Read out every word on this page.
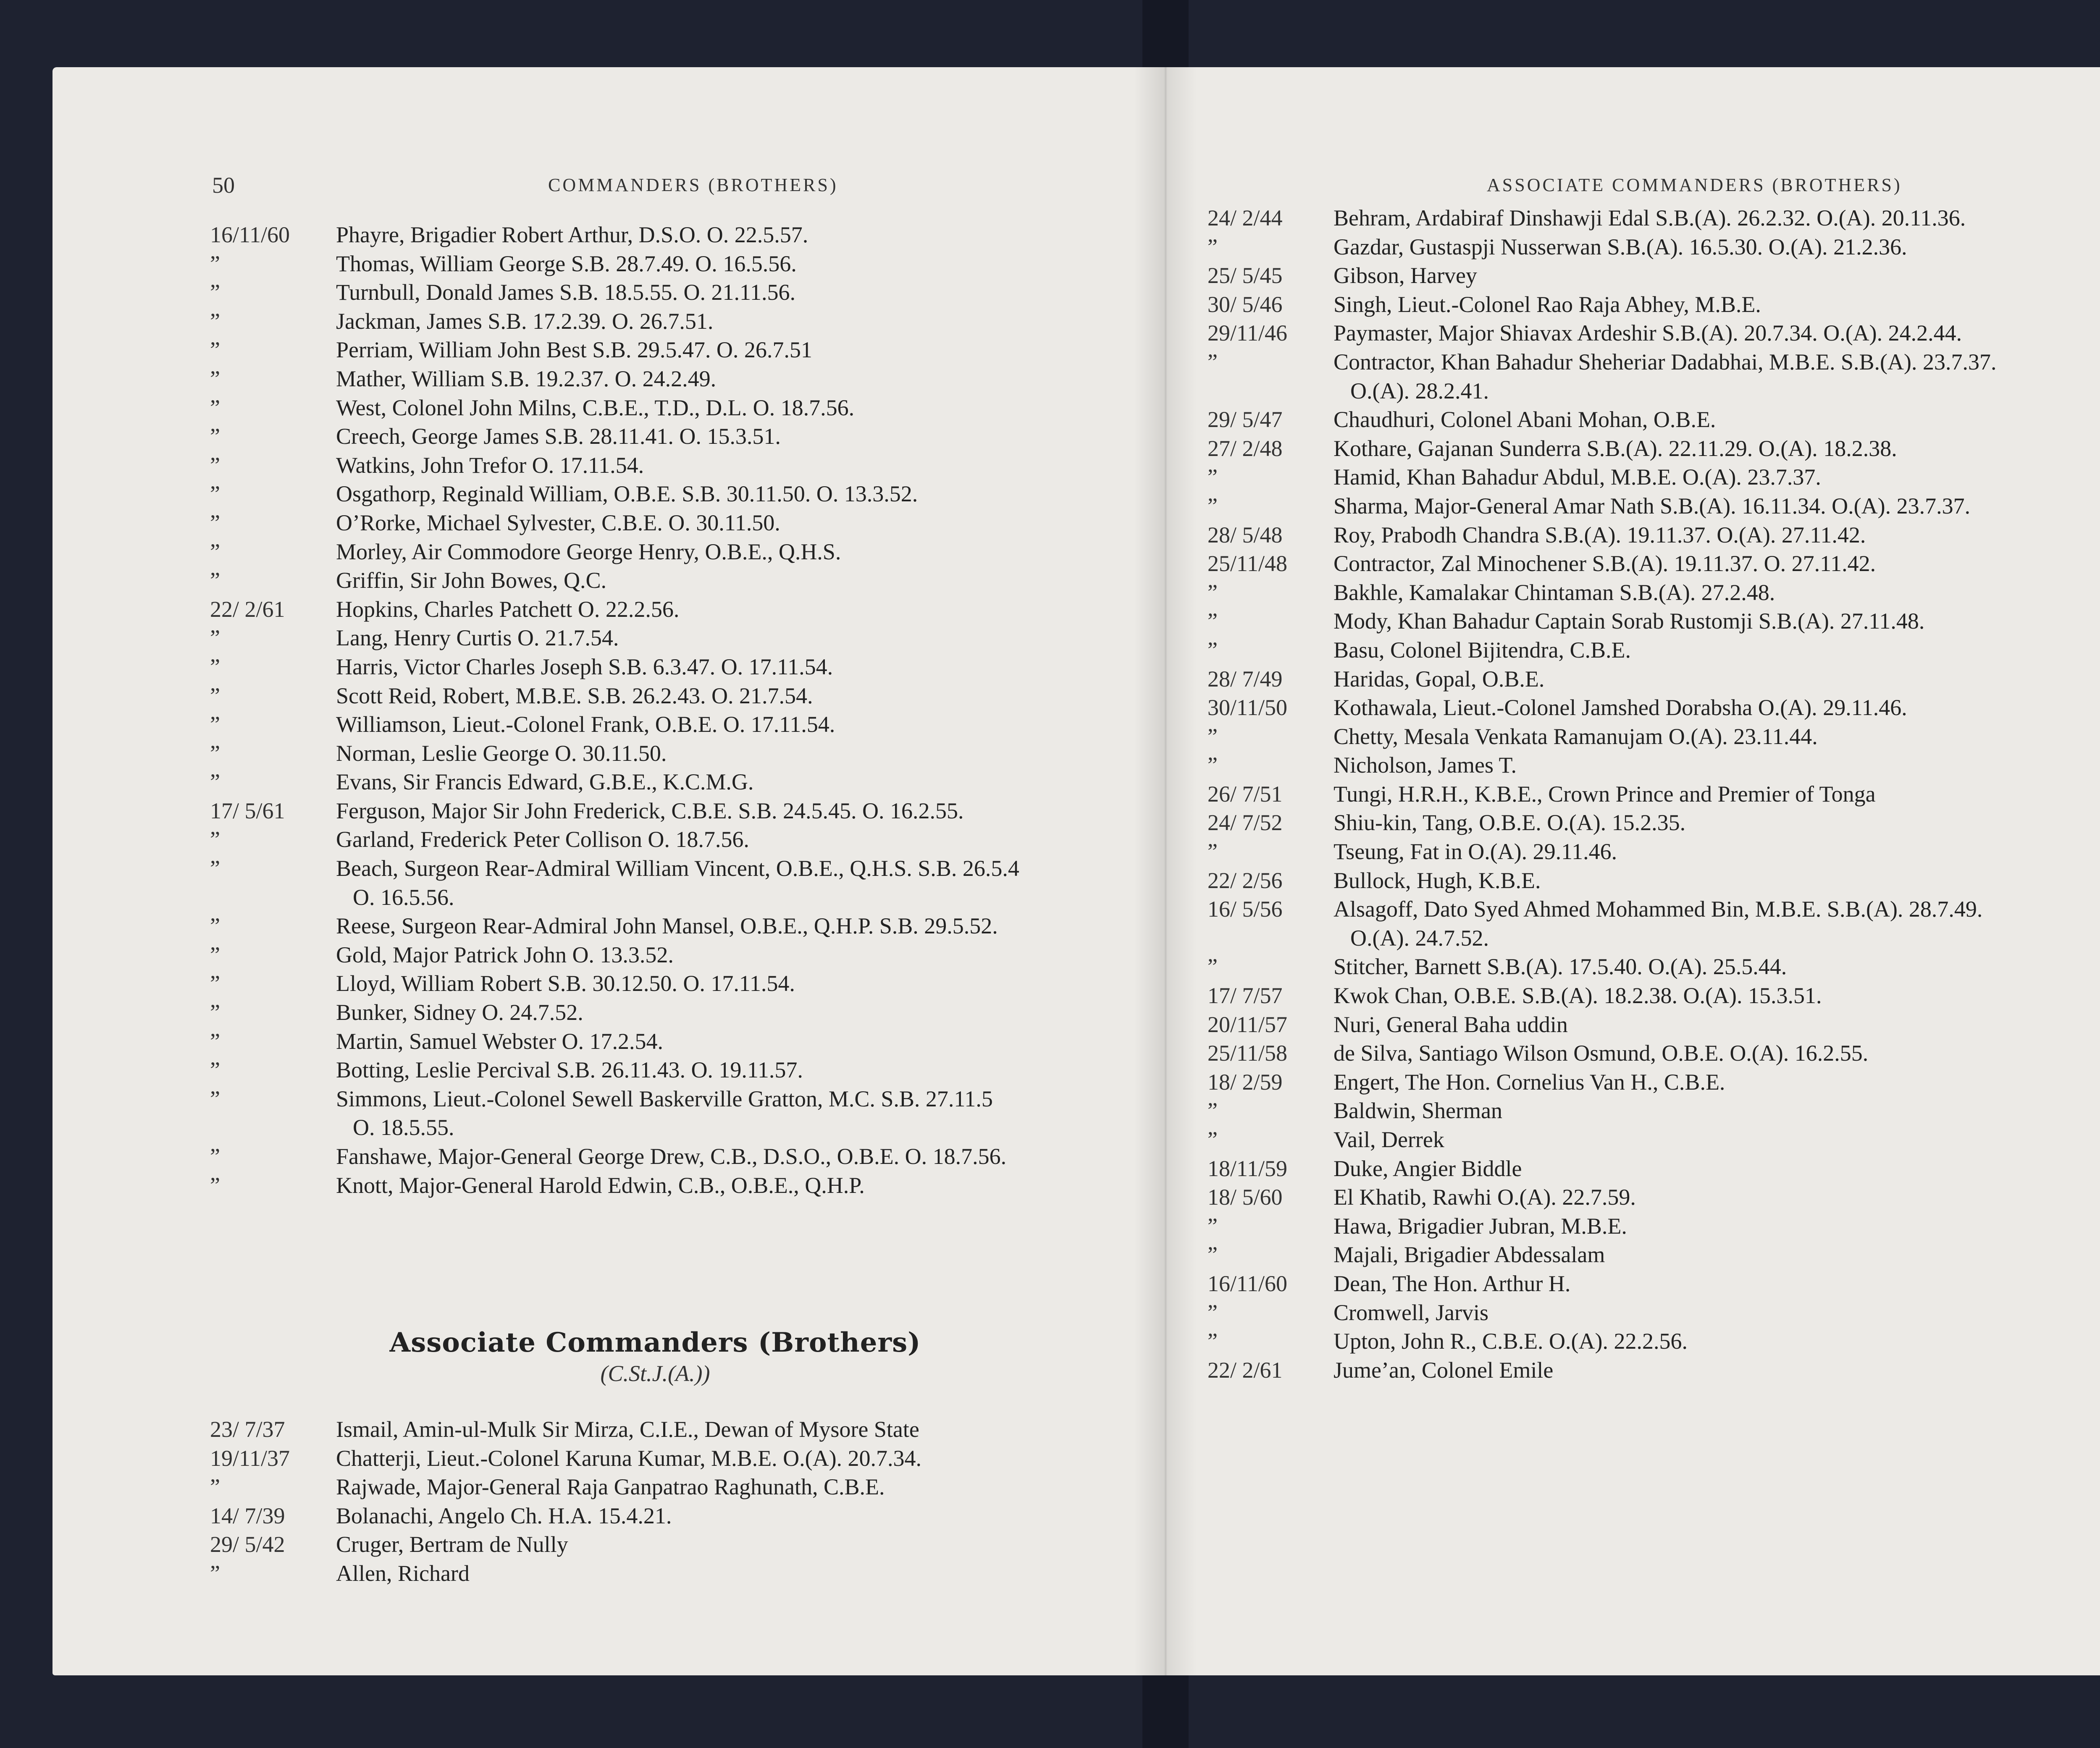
50	COMMANDERS (BROTHERS)
16/11/60	Phayre, Brigadier Robert Arthur, D.S.O. O. 22.5.57.
”	Thomas, William George S.B. 28.7.49. O. 16.5.56.
”	Turnbull, Donald James S.B. 18.5.55. O. 21.11.56.
”	Jackman, James S.B. 17.2.39. O. 26.7.51.
”	Perriam, William John Best S.B. 29.5.47. O. 26.7.51
”	Mather, William S.B. 19.2.37. O. 24.2.49.
”	West, Colonel John Milns, C.B.E., T.D., D.L. O. 18.7.56.
”	Creech, George James S.B. 28.11.41. O. 15.3.51.
”	Watkins, John Trefor O. 17.11.54.
”	Osgathorp, Reginald William, O.B.E. S.B. 30.11.50. O. 13.3.52.
”	O’Rorke, Michael Sylvester, C.B.E. O. 30.11.50.
”	Morley, Air Commodore George Henry, O.B.E., Q.H.S.
”	Griffin, Sir John Bowes, Q.C.
22/ 2/61	Hopkins, Charles Patchett O. 22.2.56.
”	Lang, Henry Curtis O. 21.7.54.
”	Harris, Victor Charles Joseph S.B. 6.3.47. O. 17.11.54.
”	Scott Reid, Robert, M.B.E. S.B. 26.2.43. O. 21.7.54.
”	Williamson, Lieut.-Colonel Frank, O.B.E. O. 17.11.54.
”	Norman, Leslie George O. 30.11.50.
”	Evans, Sir Francis Edward, G.B.E., K.C.M.G.
17/ 5/61	Ferguson, Major Sir John Frederick, C.B.E. S.B. 24.5.45. O. 16.2.55.
”	Garland, Frederick Peter Collison O. 18.7.56.
”	Beach, Surgeon Rear-Admiral William Vincent, O.B.E., Q.H.S. S.B. 26.5.4
O. 16.5.56.
”	Reese, Surgeon Rear-Admiral John Mansel, O.B.E., Q.H.P. S.B. 29.5.52.
”	Gold, Major Patrick John O. 13.3.52.
”	Lloyd, William Robert S.B. 30.12.50. O. 17.11.54.
”	Bunker, Sidney O. 24.7.52.
”	Martin, Samuel Webster O. 17.2.54.
”	Botting, Leslie Percival S.B. 26.11.43. O. 19.11.57.
”	Simmons, Lieut.-Colonel Sewell Baskerville Gratton, M.C. S.B. 27.11.5
O. 18.5.55.
”	Fanshawe, Major-General George Drew, C.B., D.S.O., O.B.E. O. 18.7.56.
”	Knott, Major-General Harold Edwin, C.B., O.B.E., Q.H.P.
Associate Commanders (Brothers)
(C.St.J.(A.))
23/ 7/37	Ismail, Amin-ul-Mulk Sir Mirza, C.I.E., Dewan of Mysore State
19/11/37	Chatterji, Lieut.-Colonel Karuna Kumar, M.B.E. O.(A). 20.7.34.
”	Rajwade, Major-General Raja Ganpatrao Raghunath, C.B.E.
14/ 7/39	Bolanachi, Angelo Ch. H.A. 15.4.21.
29/ 5/42	Cruger, Bertram de Nully
”	Allen, Richard
ASSOCIATE COMMANDERS (BROTHERS)
24/ 2/44	Behram, Ardabiraf Dinshawji Edal S.B.(A). 26.2.32. O.(A). 20.11.36.
”	Gazdar, Gustaspji Nusserwan S.B.(A). 16.5.30. O.(A). 21.2.36.
25/ 5/45	Gibson, Harvey
30/ 5/46	Singh, Lieut.-Colonel Rao Raja Abhey, M.B.E.
29/11/46	Paymaster, Major Shiavax Ardeshir S.B.(A). 20.7.34. O.(A). 24.2.44.
”	Contractor, Khan Bahadur Sheheriar Dadabhai, M.B.E. S.B.(A). 23.7.37.
O.(A). 28.2.41.
29/ 5/47	Chaudhuri, Colonel Abani Mohan, O.B.E.
27/ 2/48	Kothare, Gajanan Sunderra S.B.(A). 22.11.29. O.(A). 18.2.38.
”	Hamid, Khan Bahadur Abdul, M.B.E. O.(A). 23.7.37.
”	Sharma, Major-General Amar Nath S.B.(A). 16.11.34. O.(A). 23.7.37.
28/ 5/48	Roy, Prabodh Chandra S.B.(A). 19.11.37. O.(A). 27.11.42.
25/11/48	Contractor, Zal Minochener S.B.(A). 19.11.37. O. 27.11.42.
”	Bakhle, Kamalakar Chintaman S.B.(A). 27.2.48.
”	Mody, Khan Bahadur Captain Sorab Rustomji S.B.(A). 27.11.48.
”	Basu, Colonel Bijitendra, C.B.E.
28/ 7/49	Haridas, Gopal, O.B.E.
30/11/50	Kothawala, Lieut.-Colonel Jamshed Dorabsha O.(A). 29.11.46.
”	Chetty, Mesala Venkata Ramanujam O.(A). 23.11.44.
”	Nicholson, James T.
26/ 7/51	Tungi, H.R.H., K.B.E., Crown Prince and Premier of Tonga
24/ 7/52	Shiu-kin, Tang, O.B.E. O.(A). 15.2.35.
”	Tseung, Fat in O.(A). 29.11.46.
22/ 2/56	Bullock, Hugh, K.B.E.
16/ 5/56	Alsagoff, Dato Syed Ahmed Mohammed Bin, M.B.E. S.B.(A). 28.7.49.
O.(A). 24.7.52.
”	Stitcher, Barnett S.B.(A). 17.5.40. O.(A). 25.5.44.
17/ 7/57	Kwok Chan, O.B.E. S.B.(A). 18.2.38. O.(A). 15.3.51.
20/11/57	Nuri, General Baha uddin
25/11/58	de Silva, Santiago Wilson Osmund, O.B.E. O.(A). 16.2.55.
18/ 2/59	Engert, The Hon. Cornelius Van H., C.B.E.
”	Baldwin, Sherman
”	Vail, Derrek
18/11/59	Duke, Angier Biddle
18/ 5/60	El Khatib, Rawhi O.(A). 22.7.59.
”	Hawa, Brigadier Jubran, M.B.E.
”	Majali, Brigadier Abdessalam
16/11/60	Dean, The Hon. Arthur H.
”	Cromwell, Jarvis
”	Upton, John R., C.B.E. O.(A). 22.2.56.
22/ 2/61	Jume’an, Colonel Emile
